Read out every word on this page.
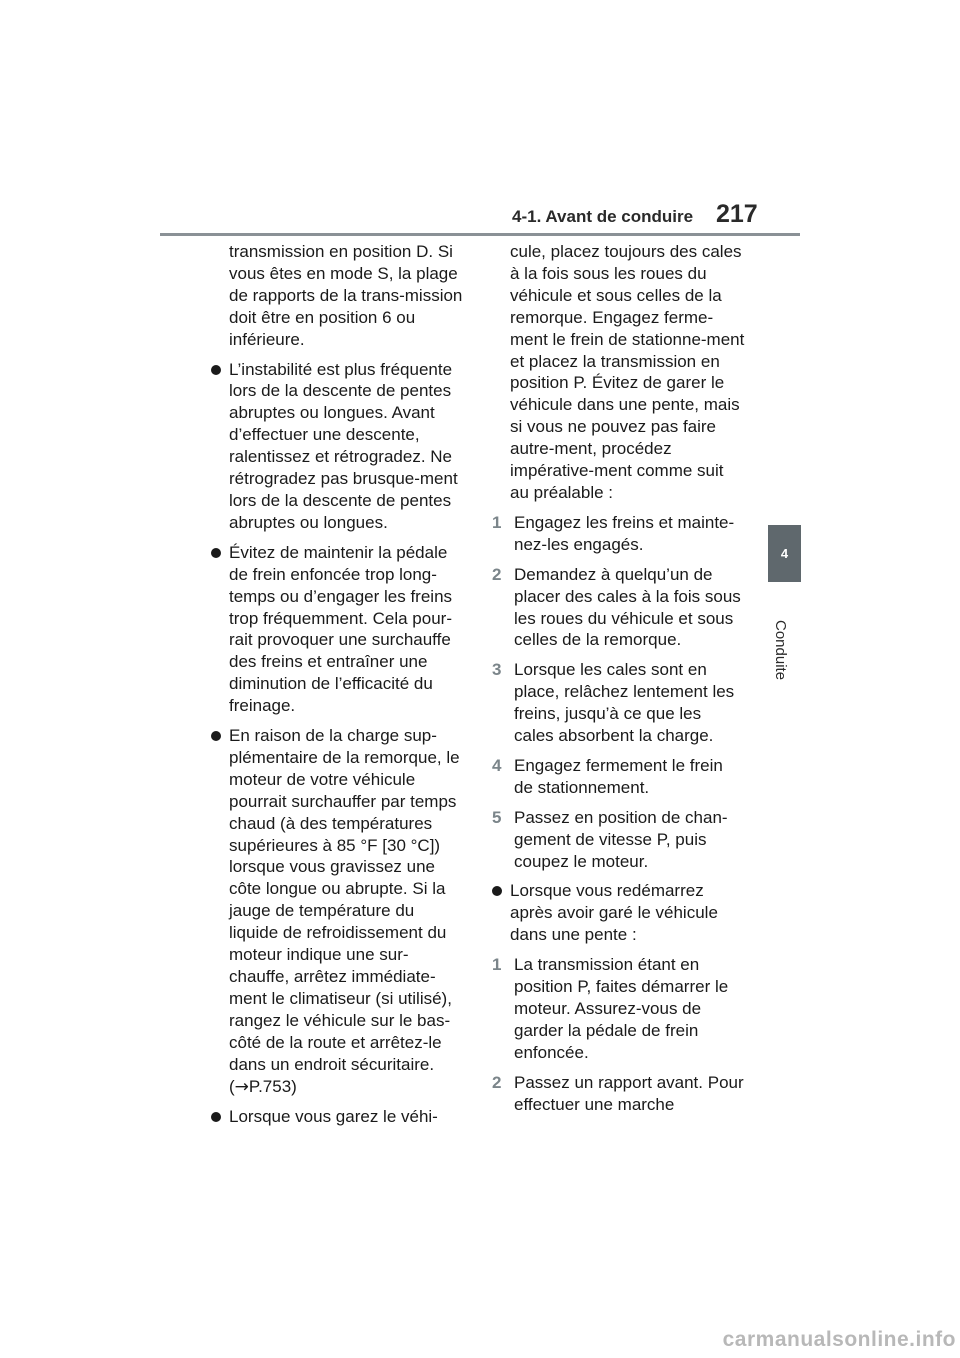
4-1. Avant de conduire 217
4
Conduite

transmission en position D. Si vous êtes en mode S, la plage de rapports de la trans-mission doit être en position 6 ou inférieure.

L’instabilité est plus fréquente lors de la descente de pentes abruptes ou longues. Avant d’effectuer une descente, ralentissez et rétrogradez. Ne rétrogradez pas brusque-ment lors de la descente de pentes abruptes ou longues.

Évitez de maintenir la pédale de frein enfoncée trop long-temps ou d’engager les freins trop fréquemment. Cela pour-rait provoquer une surchauffe des freins et entraîner une diminution de l’efficacité du freinage.

En raison de la charge sup-plémentaire de la remorque, le moteur de votre véhicule pourrait surchauffer par temps chaud (à des températures supérieures à 85 °F [30 °C]) lorsque vous gravissez une côte longue ou abrupte. Si la jauge de température du liquide de refroidissement du moteur indique une sur-chauffe, arrêtez immédiate-ment le climatiseur (si utilisé), rangez le véhicule sur le bas-côté de la route et arrêtez-le dans un endroit sécuritaire.
(→P.753)

Lorsque vous garez le véhi-

cule, placez toujours des cales à la fois sous les roues du véhicule et sous celles de la remorque. Engagez ferme-ment le frein de stationne-ment et placez la transmission en position P. Évitez de garer le véhicule dans une pente, mais si vous ne pouvez pas faire autre-ment, procédez impérative-ment comme suit au préalable :

1 Engagez les freins et mainte-nez-les engagés.

2 Demandez à quelqu’un de placer des cales à la fois sous les roues du véhicule et sous celles de la remorque.

3 Lorsque les cales sont en place, relâchez lentement les freins, jusqu’à ce que les cales absorbent la charge.

4 Engagez fermement le frein de stationnement.

5 Passez en position de chan-gement de vitesse P, puis coupez le moteur.

Lorsque vous redémarrez après avoir garé le véhicule dans une pente :

1 La transmission étant en position P, faites démarrer le moteur. Assurez-vous de garder la pédale de frein enfoncée.

2 Passez un rapport avant. Pour effectuer une marche

carmanualsonline.info
